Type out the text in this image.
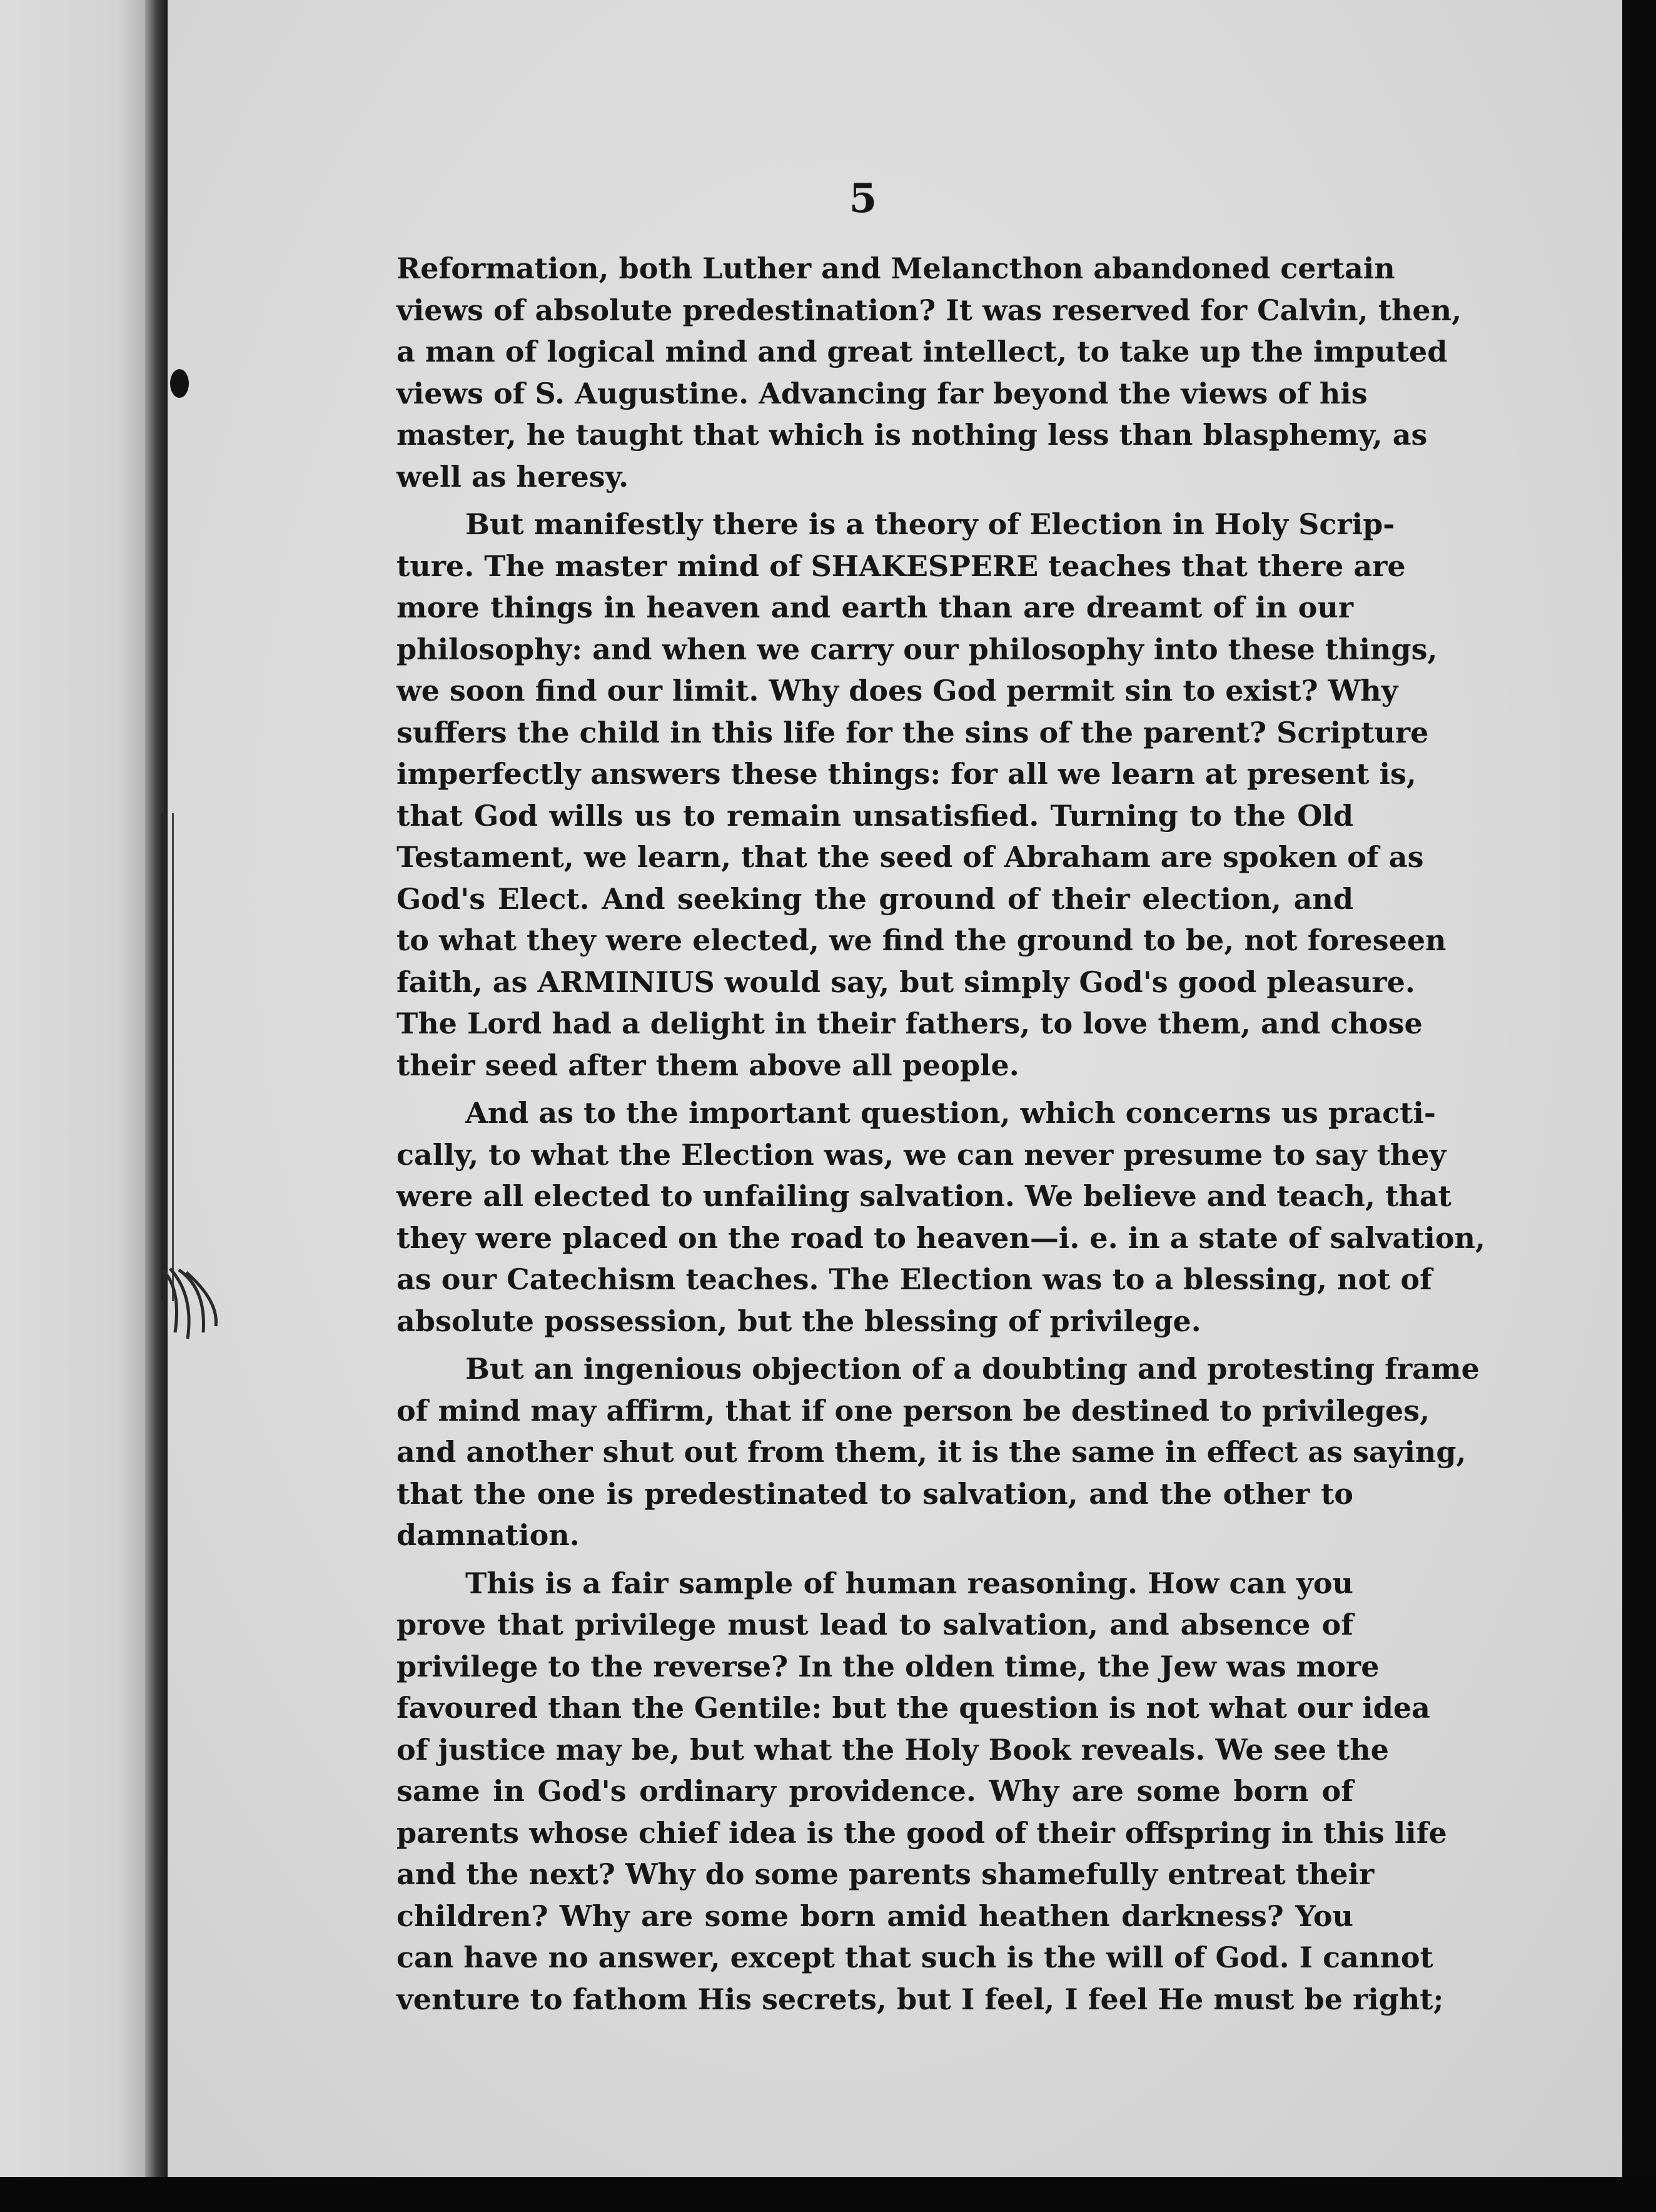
5
Reformation, both Luther and Melancthon abandoned certain
views of absolute predestination? It was reserved for Calvin, then,
a man of logical mind and great intellect, to take up the imputed
views of S. Augustine. Advancing far beyond the views of his
master, he taught that which is nothing less than blasphemy, as
well as heresy.
But manifestly there is a theory of Election in Holy Scrip-
ture. The master mind of SHAKESPERE teaches that there are
more things in heaven and earth than are dreamt of in our
philosophy: and when we carry our philosophy into these things,
we soon find our limit. Why does God permit sin to exist? Why
suffers the child in this life for the sins of the parent? Scripture
imperfectly answers these things: for all we learn at present is,
that God wills us to remain unsatisfied. Turning to the Old
Testament, we learn, that the seed of Abraham are spoken of as
God's Elect. And seeking the ground of their election, and
to what they were elected, we find the ground to be, not foreseen
faith, as ARMINIUS would say, but simply God's good pleasure.
The Lord had a delight in their fathers, to love them, and chose
their seed after them above all people.
And as to the important question, which concerns us practi-
cally, to what the Election was, we can never presume to say they
were all elected to unfailing salvation. We believe and teach, that
they were placed on the road to heaven—i. e. in a state of salvation,
as our Catechism teaches. The Election was to a blessing, not of
absolute possession, but the blessing of privilege.
But an ingenious objection of a doubting and protesting frame
of mind may affirm, that if one person be destined to privileges,
and another shut out from them, it is the same in effect as saying,
that the one is predestinated to salvation, and the other to
damnation.
This is a fair sample of human reasoning. How can you
prove that privilege must lead to salvation, and absence of
privilege to the reverse? In the olden time, the Jew was more
favoured than the Gentile: but the question is not what our idea
of justice may be, but what the Holy Book reveals. We see the
same in God's ordinary providence. Why are some born of
parents whose chief idea is the good of their offspring in this life
and the next? Why do some parents shamefully entreat their
children? Why are some born amid heathen darkness? You
can have no answer, except that such is the will of God. I cannot
venture to fathom His secrets, but I feel, I feel He must be right;
